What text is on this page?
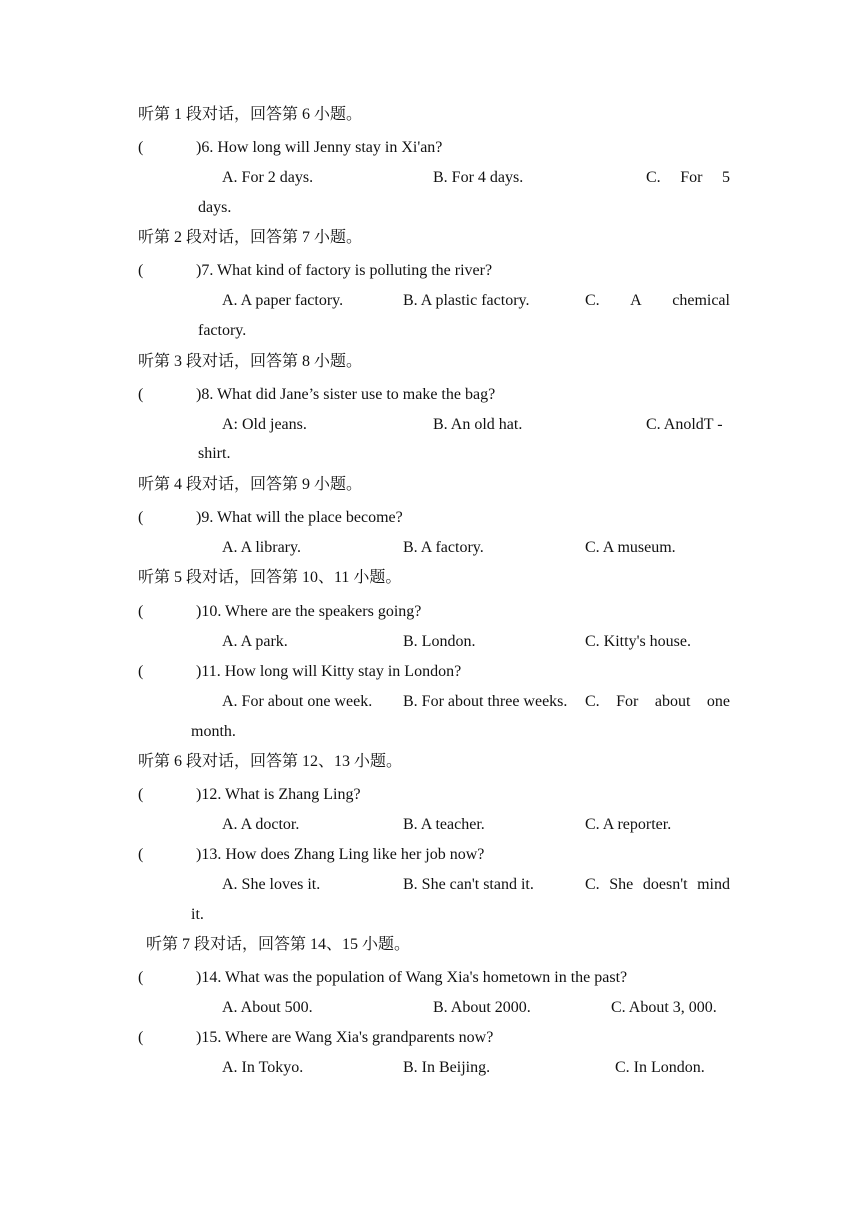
听第 1 段对话，回答第 6 小题。
(	)6. How long will Jenny stay in Xi'an?
A. For 2 days.	B. For 4 days.	C. For 5
days.
听第 2 段对话，回答第 7 小题。
(	)7. What kind of factory is polluting the river?
A. A paper factory.	B. A plastic factory.	C. A chemical
factory.
听第 3 段对话，回答第 8 小题。
(	)8. What did Jane’s sister use to make the bag?
A: Old jeans.	B. An old hat.	C. AnoldT -
shirt.
听第 4 段对话，回答第 9 小题。
(	)9. What will the place become?
A. A library.	B. A factory.	C. A museum.
听第 5 段对话，回答第 10、11 小题。
(	)10. Where are the speakers going?
A. A park.	B. London.	C. Kitty's house.
(	)11. How long will Kitty stay in London?
A. For about one week. B. For about three weeks. C. For about one
month.
听第 6 段对话，回答第 12、13 小题。
(	)12. What is Zhang Ling?
A. A doctor.	B. A teacher.	C. A reporter.
(	)13. How does Zhang Ling like her job now?
A. She loves it.	B. She can't stand it.	C. She doesn't mind
it.
听第 7 段对话，回答第 14、15 小题。
(	)14. What was the population of Wang Xia's hometown in the past?
A. About 500.	B. About 2000.	C. About 3, 000.
(	)15. Where are Wang Xia's grandparents now?
A. In Tokyo.	B. In Beijing.	C. In London.
